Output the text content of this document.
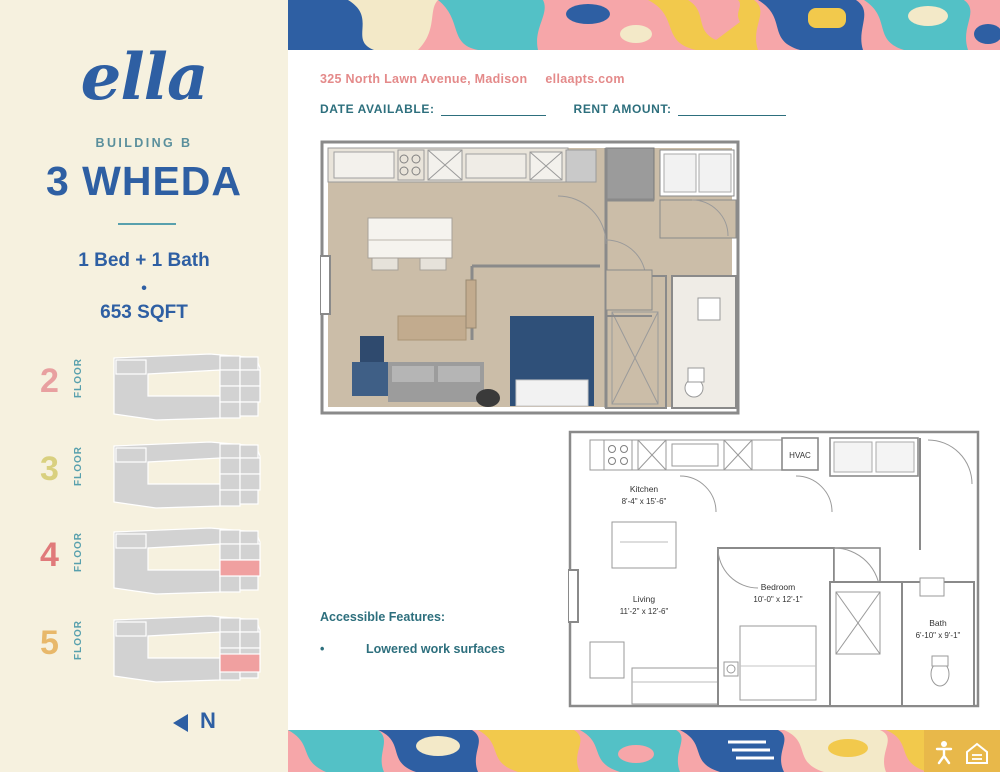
ella
BUILDING B
3 WHEDA
1 Bed + 1 Bath
•
653 SQFT
2 FLOOR
3 FLOOR
4 FLOOR
5 FLOOR
N
325 North Lawn Avenue, Madison ellaapts.com
DATE AVAILABLE:	RENT AMOUNT:
HVAC
Kitchen
8'-4" x 15'-6"
Living
11'-2" x 12'-6"
Bedroom
10'-0" x 12'-1"
Bath
6'-10" x 9'-1"
Accessible Features:
•	Lowered work surfaces
